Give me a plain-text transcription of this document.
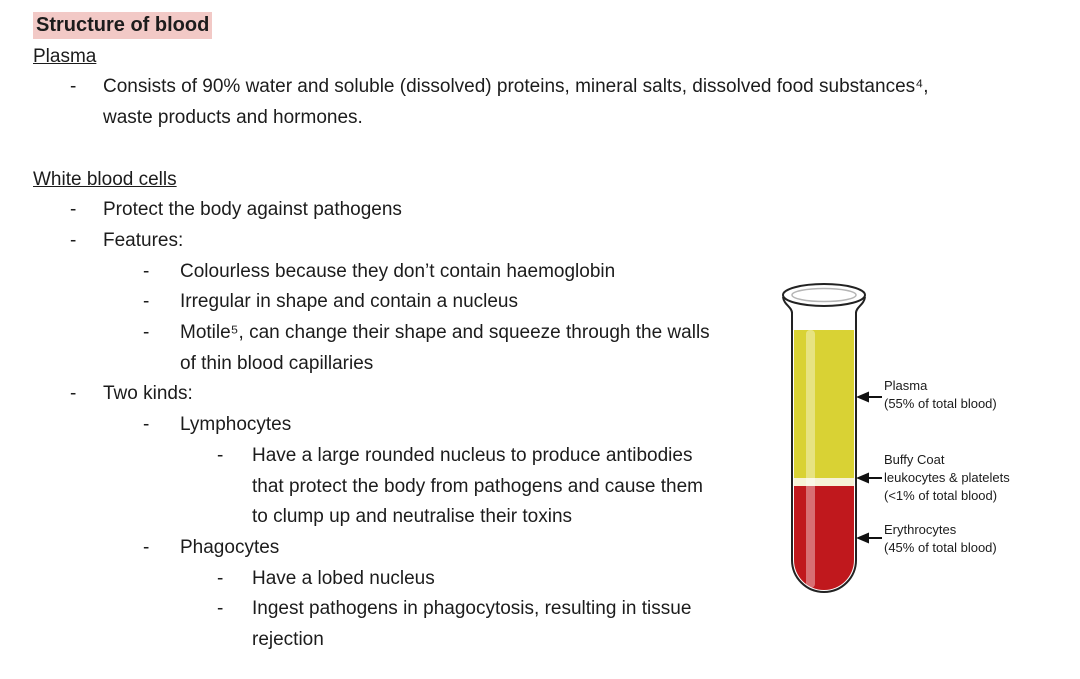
Structure of blood
Plasma
-
Consists of 90% water and soluble (dissolved) proteins, mineral salts, dissolved food substances⁴,
waste products and hormones.
White blood cells
-
Protect the body against pathogens
-
Features:
-
Colourless because they don’t contain haemoglobin
-
Irregular in shape and contain a nucleus
-
Motile⁵, can change their shape and squeeze through the walls
of thin blood capillaries
-
Two kinds:
-
Lymphocytes
-
Have a large rounded nucleus to produce antibodies
that protect the body from pathogens and cause them
to clump up and neutralise their toxins
-
Phagocytes
-
Have a lobed nucleus
-
Ingest pathogens in phagocytosis, resulting in tissue
rejection
Plasma
(55% of total blood)
Buffy Coat
leukocytes & platelets
(<1% of total blood)
Erythrocytes
(45% of total blood)
